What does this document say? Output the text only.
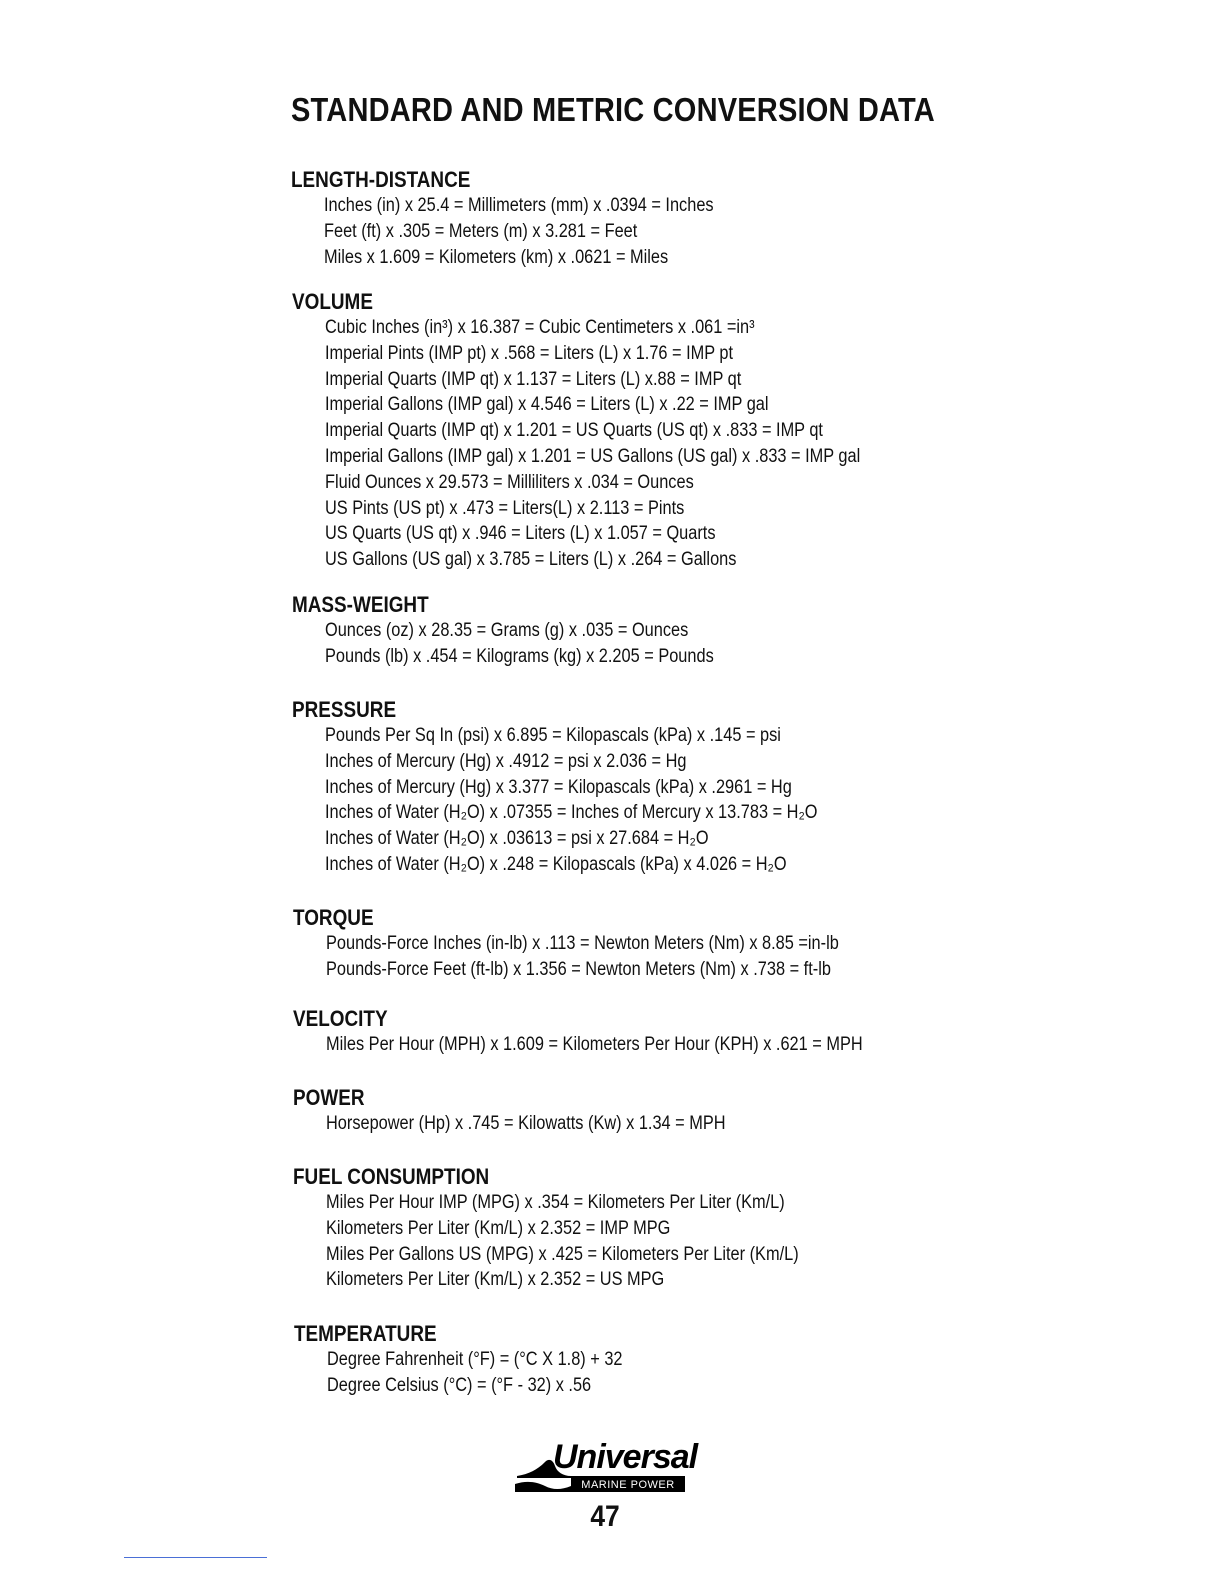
STANDARD AND METRIC CONVERSION DATA
LENGTH-DISTANCE
Inches (in) x 25.4 = Millimeters (mm) x .0394 = Inches
Feet (ft) x .305 = Meters (m) x 3.281 = Feet
Miles x 1.609 = Kilometers (km) x .0621 = Miles
VOLUME
Cubic Inches (in³) x 16.387 = Cubic Centimeters x .061 =in³
Imperial Pints (IMP pt) x .568 = Liters (L) x 1.76 = IMP pt
Imperial Quarts (IMP qt) x 1.137 = Liters (L) x.88 = IMP qt
Imperial Gallons (IMP gal) x 4.546 = Liters (L) x .22 = IMP gal
Imperial Quarts (IMP qt) x 1.201 = US Quarts (US qt) x .833 = IMP qt
Imperial Gallons (IMP gal) x 1.201 = US Gallons (US gal) x .833 = IMP gal
Fluid Ounces x 29.573 = Milliliters x .034 = Ounces
US Pints (US pt) x .473 = Liters(L) x 2.113 = Pints
US Quarts (US qt) x .946 = Liters (L) x 1.057 = Quarts
US Gallons (US gal) x 3.785 = Liters (L) x .264 = Gallons
MASS-WEIGHT
Ounces (oz) x 28.35 = Grams (g) x .035 = Ounces
Pounds (lb) x .454 = Kilograms (kg) x 2.205 = Pounds
PRESSURE
Pounds Per Sq In (psi) x 6.895 = Kilopascals (kPa) x .145 = psi
Inches of Mercury (Hg) x .4912 = psi x 2.036 = Hg
Inches of Mercury (Hg) x 3.377 = Kilopascals (kPa) x .2961 = Hg
Inches of Water (H₂O) x .07355 = Inches of Mercury x 13.783 = H₂O
Inches of Water (H₂O) x .03613 = psi x 27.684 = H₂O
Inches of Water (H₂O) x .248 = Kilopascals (kPa) x 4.026 = H₂O
TORQUE
Pounds-Force Inches (in-lb) x .113 = Newton Meters (Nm) x 8.85 =in-lb
Pounds-Force Feet (ft-lb) x 1.356 = Newton Meters (Nm) x .738 = ft-lb
VELOCITY
Miles Per Hour (MPH) x 1.609 = Kilometers Per Hour (KPH) x .621 = MPH
POWER
Horsepower (Hp) x .745 = Kilowatts (Kw) x 1.34 = MPH
FUEL CONSUMPTION
Miles Per Hour IMP (MPG) x .354 = Kilometers Per Liter (Km/L)
Kilometers Per Liter (Km/L) x 2.352 = IMP MPG
Miles Per Gallons US (MPG) x .425 = Kilometers Per Liter (Km/L)
Kilometers Per Liter (Km/L) x 2.352 = US MPG
TEMPERATURE
Degree Fahrenheit (°F) = (°C X 1.8) + 32
Degree Celsius (°C) = (°F - 32) x .56
Universal
MARINE POWER
47
